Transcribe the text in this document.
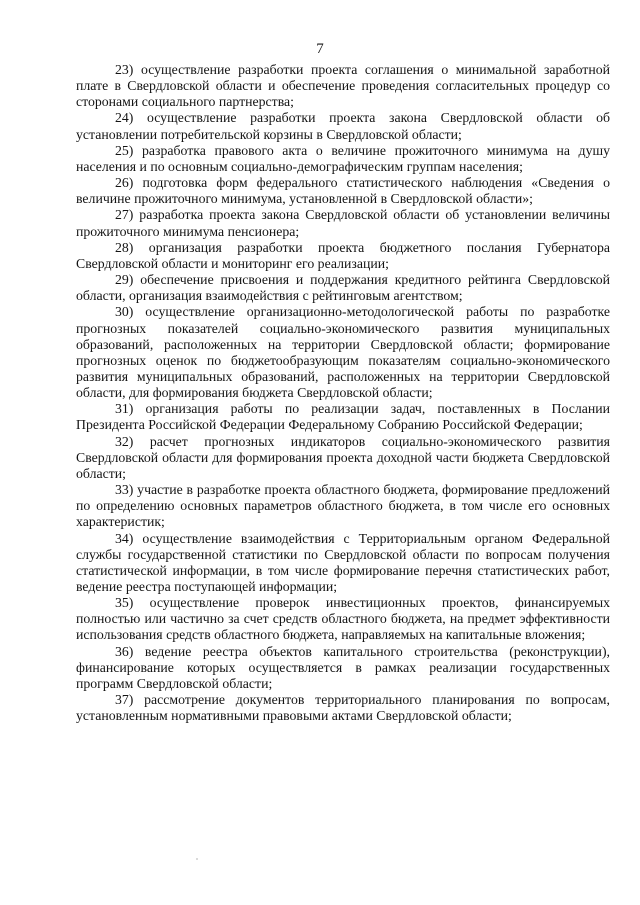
7

23) осуществление разработки проекта соглашения о минимальной заработной плате в Свердловской области и обеспечение проведения согласительных процедур со сторонами социального партнерства;

24) осуществление разработки проекта закона Свердловской области об установлении потребительской корзины в Свердловской области;

25) разработка правового акта о величине прожиточного минимума на душу населения и по основным социально-демографическим группам населения;

26) подготовка форм федерального статистического наблюдения «Сведения о величине прожиточного минимума, установленной в Свердловской области»;

27) разработка проекта закона Свердловской области об установлении величины прожиточного минимума пенсионера;

28) организация разработки проекта бюджетного послания Губернатора Свердловской области и мониторинг его реализации;

29) обеспечение присвоения и поддержания кредитного рейтинга Свердловской области, организация взаимодействия с рейтинговым агентством;

30) осуществление организационно-методологической работы по разработке прогнозных показателей социально-экономического развития муниципальных образований, расположенных на территории Свердловской области; формирование прогнозных оценок по бюджетообразующим показателям социально-экономического развития муниципальных образований, расположенных на территории Свердловской области, для формирования бюджета Свердловской области;

31) организация работы по реализации задач, поставленных в Послании Президента Российской Федерации Федеральному Собранию Российской Федерации;

32) расчет прогнозных индикаторов социально-экономического развития Свердловской области для формирования проекта доходной части бюджета Свердловской области;

33) участие в разработке проекта областного бюджета, формирование предложений по определению основных параметров областного бюджета, в том числе его основных характеристик;

34) осуществление взаимодействия с Территориальным органом Федеральной службы государственной статистики по Свердловской области по вопросам получения статистической информации, в том числе формирование перечня статистических работ, ведение реестра поступающей информации;

35) осуществление проверок инвестиционных проектов, финансируемых полностью или частично за счет средств областного бюджета, на предмет эффективности использования средств областного бюджета, направляемых на капитальные вложения;

36) ведение реестра объектов капитального строительства (реконструкции), финансирование которых осуществляется в рамках реализации государственных программ Свердловской области;

37) рассмотрение документов территориального планирования по вопросам, установленным нормативными правовыми актами Свердловской области;
